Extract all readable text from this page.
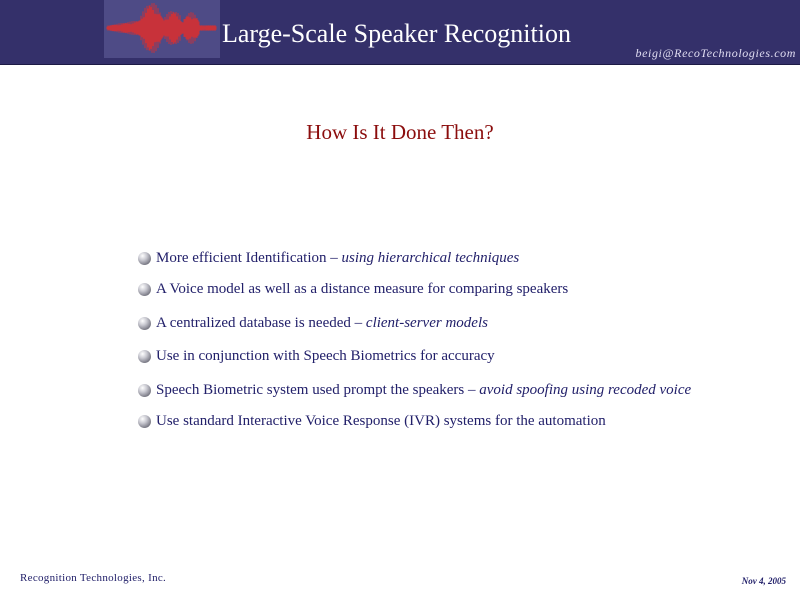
Large-Scale Speaker Recognition
beigi@RecoTechnologies.com
How Is It Done Then?
More efficient Identification – using hierarchical techniques
A Voice model as well as a distance measure for comparing speakers
A centralized database is needed – client-server models
Use in conjunction with Speech Biometrics for accuracy
Speech Biometric system used prompt the speakers – avoid spoofing using recoded voice
Use standard Interactive Voice Response (IVR) systems for the automation
Recognition Technologies, Inc.	Nov 4, 2005
